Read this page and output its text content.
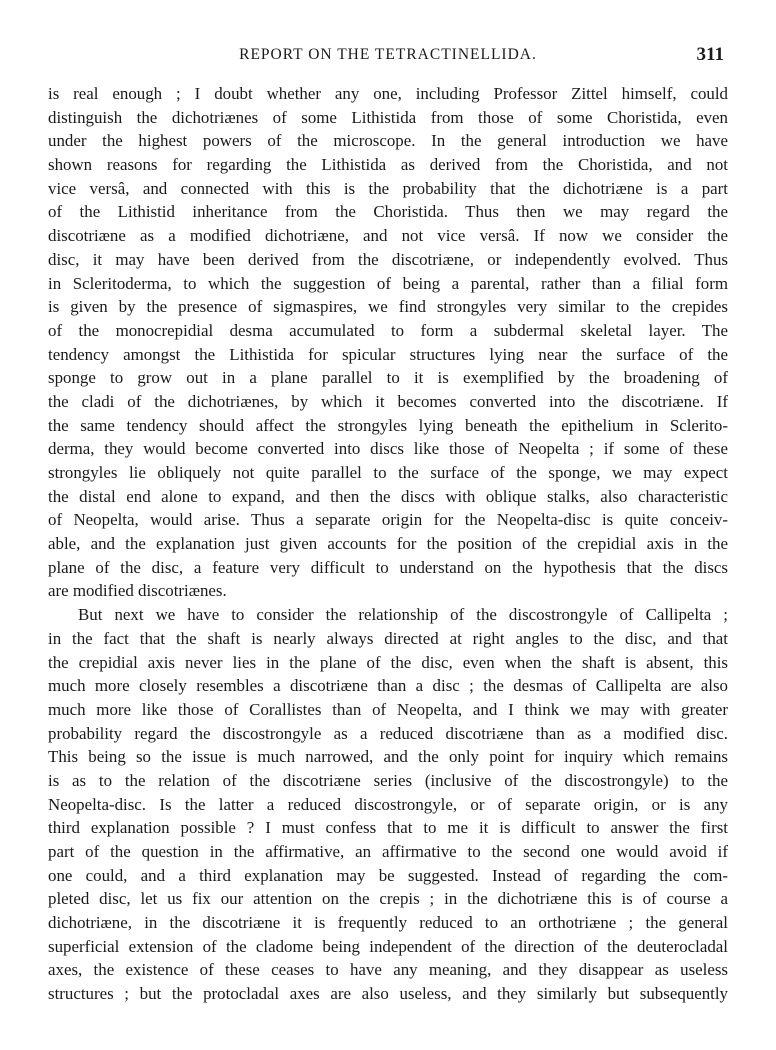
REPORT ON THE TETRACTINELLIDA.	311
is real enough ; I doubt whether any one, including Professor Zittel himself, could
distinguish the dichotriænes of some Lithistida from those of some Choristida, even
under the highest powers of the microscope. In the general introduction we have
shown reasons for regarding the Lithistida as derived from the Choristida, and not
vice versâ, and connected with this is the probability that the dichotriæne is a part
of the Lithistid inheritance from the Choristida. Thus then we may regard the
discotriæne as a modified dichotriæne, and not vice versâ. If now we consider the
disc, it may have been derived from the discotriæne, or independently evolved. Thus
in Scleritoderma, to which the suggestion of being a parental, rather than a filial form
is given by the presence of sigmaspires, we find strongyles very similar to the crepides
of the monocrepidial desma accumulated to form a subdermal skeletal layer. The
tendency amongst the Lithistida for spicular structures lying near the surface of the
sponge to grow out in a plane parallel to it is exemplified by the broadening of
the cladi of the dichotriænes, by which it becomes converted into the discotriæne. If
the same tendency should affect the strongyles lying beneath the epithelium in Sclerito-
derma, they would become converted into discs like those of Neopelta ; if some of these
strongyles lie obliquely not quite parallel to the surface of the sponge, we may expect
the distal end alone to expand, and then the discs with oblique stalks, also characteristic
of Neopelta, would arise. Thus a separate origin for the Neopelta-disc is quite conceiv-
able, and the explanation just given accounts for the position of the crepidial axis in the
plane of the disc, a feature very difficult to understand on the hypothesis that the discs
are modified discotriænes.
But next we have to consider the relationship of the discostrongyle of Callipelta ;
in the fact that the shaft is nearly always directed at right angles to the disc, and that
the crepidial axis never lies in the plane of the disc, even when the shaft is absent, this
much more closely resembles a discotriæne than a disc ; the desmas of Callipelta are also
much more like those of Corallistes than of Neopelta, and I think we may with greater
probability regard the discostrongyle as a reduced discotriæne than as a modified disc.
This being so the issue is much narrowed, and the only point for inquiry which remains
is as to the relation of the discotriæne series (inclusive of the discostrongyle) to the
Neopelta-disc. Is the latter a reduced discostrongyle, or of separate origin, or is any
third explanation possible ? I must confess that to me it is difficult to answer the first
part of the question in the affirmative, an affirmative to the second one would avoid if
one could, and a third explanation may be suggested. Instead of regarding the com-
pleted disc, let us fix our attention on the crepis ; in the dichotriæne this is of course a
dichotriæne, in the discotriæne it is frequently reduced to an orthotriæne ; the general
superficial extension of the cladome being independent of the direction of the deuterocladal
axes, the existence of these ceases to have any meaning, and they disappear as useless
structures ; but the protocladal axes are also useless, and they similarly but subsequently
